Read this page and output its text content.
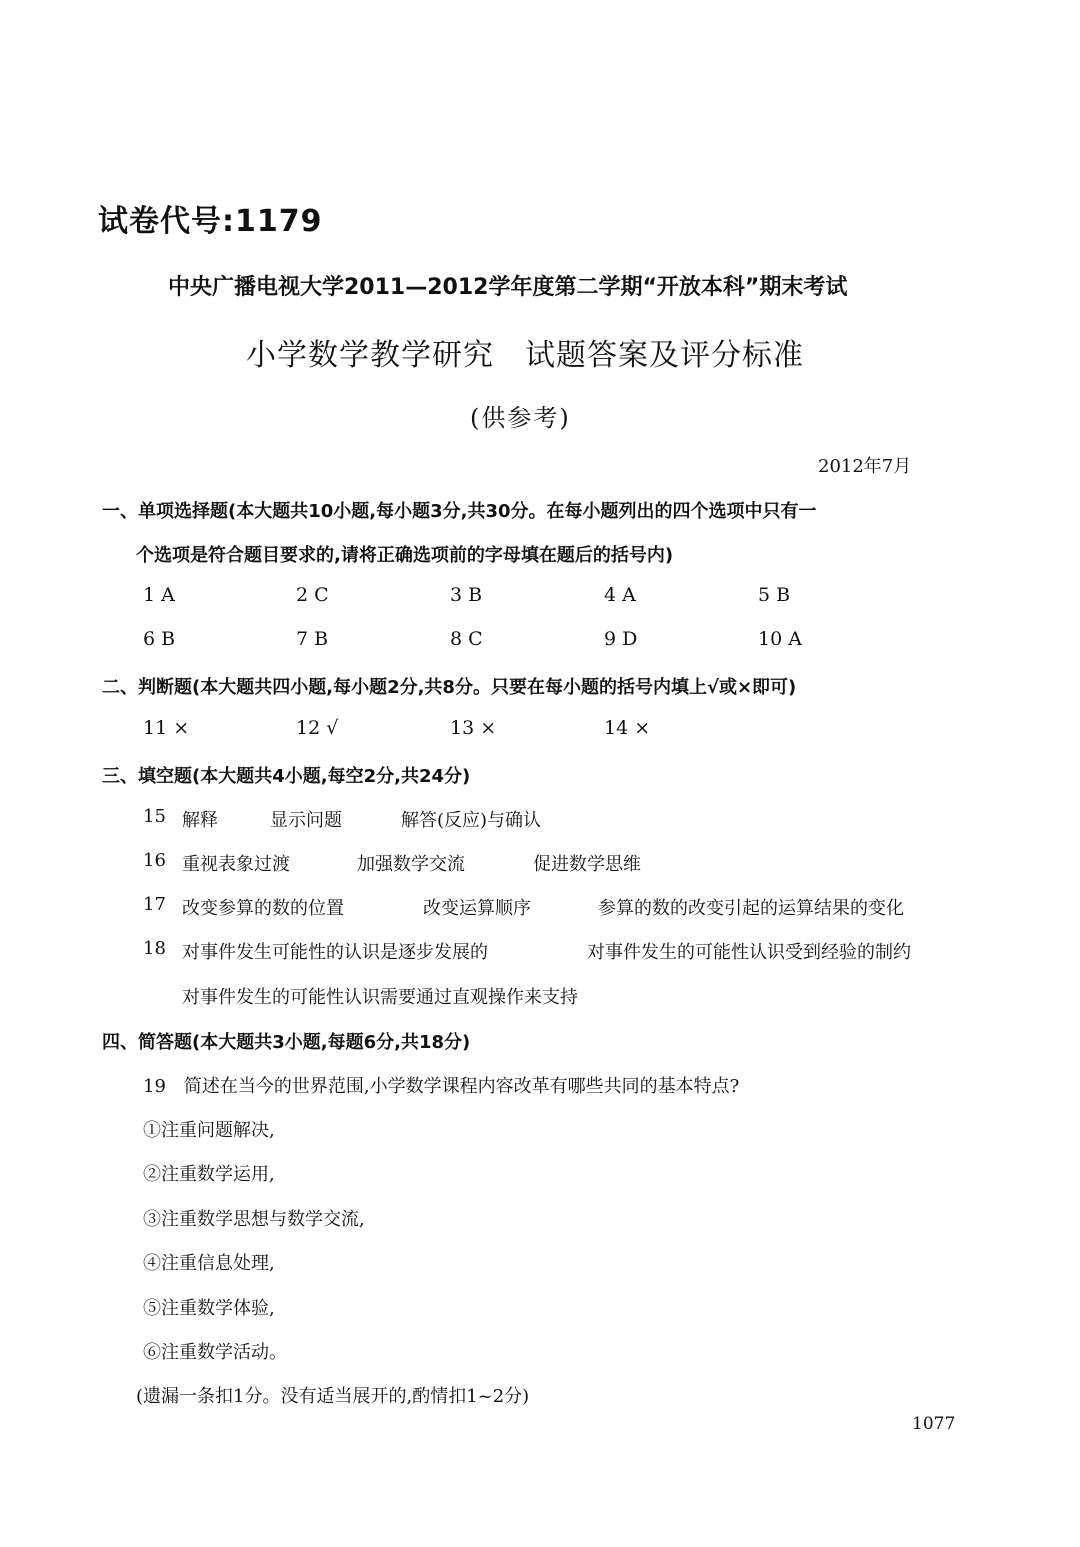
试卷代号:1179
中央广播电视大学2011—2012学年度第二学期“开放本科”期末考试
小学数学教学研究　试题答案及评分标准
(供参考)
2012年7月
一、单项选择题(本大题共10小题,每小题3分,共30分。在每小题列出的四个选项中只有一
个选项是符合题目要求的,请将正确选项前的字母填在题后的括号内)
1 A	2 C	3 B	4 A	5 B
6 B	7 B	8 C	9 D	10 A
二、判断题(本大题共四小题,每小题2分,共8分。只要在每小题的括号内填上√或×即可)
11 ×	12 √	13 ×	14 ×
三、填空题(本大题共4小题,每空2分,共24分)
15 解释	显示问题	解答(反应)与确认
16 重视表象过渡	加强数学交流	促进数学思维
17 改变参算的数的位置	改变运算顺序	参算的数的改变引起的运算结果的变化
18 对事件发生可能性的认识是逐步发展的	对事件发生的可能性认识受到经验的制约
对事件发生的可能性认识需要通过直观操作来支持
四、简答题(本大题共3小题,每题6分,共18分)
19　简述在当今的世界范围,小学数学课程内容改革有哪些共同的基本特点?
①注重问题解决,
②注重数学运用,
③注重数学思想与数学交流,
④注重信息处理,
⑤注重数学体验,
⑥注重数学活动。
(遗漏一条扣1分。没有适当展开的,酌情扣1~2分)
1077
